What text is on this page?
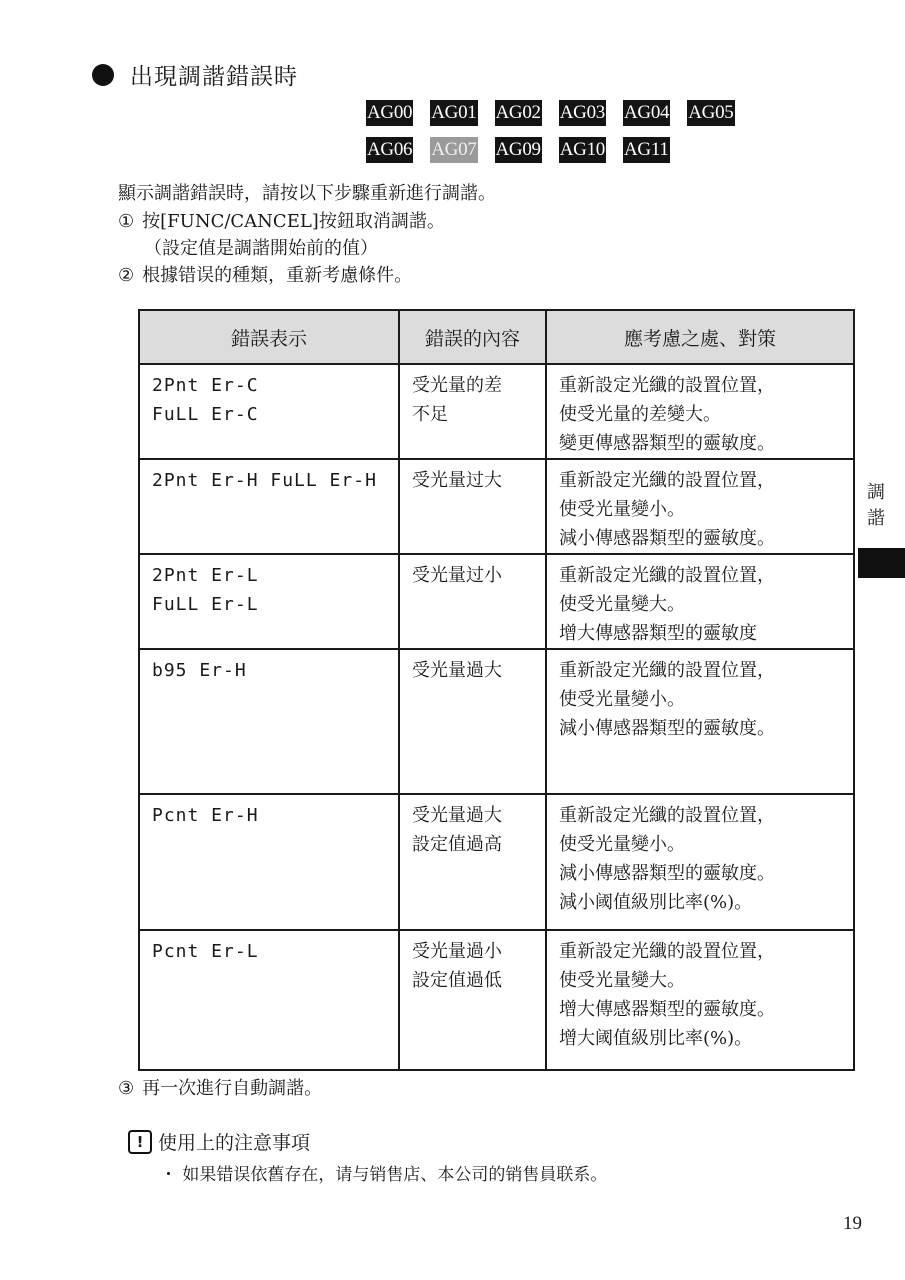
出現調諧錯誤時
AG00 AG01 AG02 AG03 AG04 AG05
AG06 AG07 AG09 AG10 AG11
顯示調諧錯誤時，請按以下步驟重新進行調諧。
① 按[FUNC/CANCEL]按鈕取消調諧。
（設定值是調諧開始前的值）
② 根據错误的種類，重新考慮條件。
錯誤表示	錯誤的內容	應考慮之處、對策

2Pnt Er-C
FuLL Er-C	受光量的差
不足	重新設定光纖的設置位置，
使受光量的差變大。
變更傳感器類型的靈敏度。

2Pnt Er-H FuLL Er-H	受光量过大	重新設定光纖的設置位置，
使受光量變小。
減小傳感器類型的靈敏度。

2Pnt Er-L
FuLL Er-L	受光量过小	重新設定光纖的設置位置，
使受光量變大。
增大傳感器類型的靈敏度

b95 Er-H	受光量過大	重新設定光纖的設置位置，
使受光量變小。
減小傳感器類型的靈敏度。

Pcnt Er-H	受光量過大
設定值過高	重新設定光纖的設置位置，
使受光量變小。
減小傳感器類型的靈敏度。
減小阈值級別比率(%)。

Pcnt Er-L	受光量過小
設定值過低	重新設定光纖的設置位置，
使受光量變大。
增大傳感器類型的靈敏度。
增大阈值級別比率(%)。
③ 再一次進行自動調諧。
調諧
! 使用上的注意事項
・ 如果错误依舊存在，请与销售店、本公司的销售員联系。
19
